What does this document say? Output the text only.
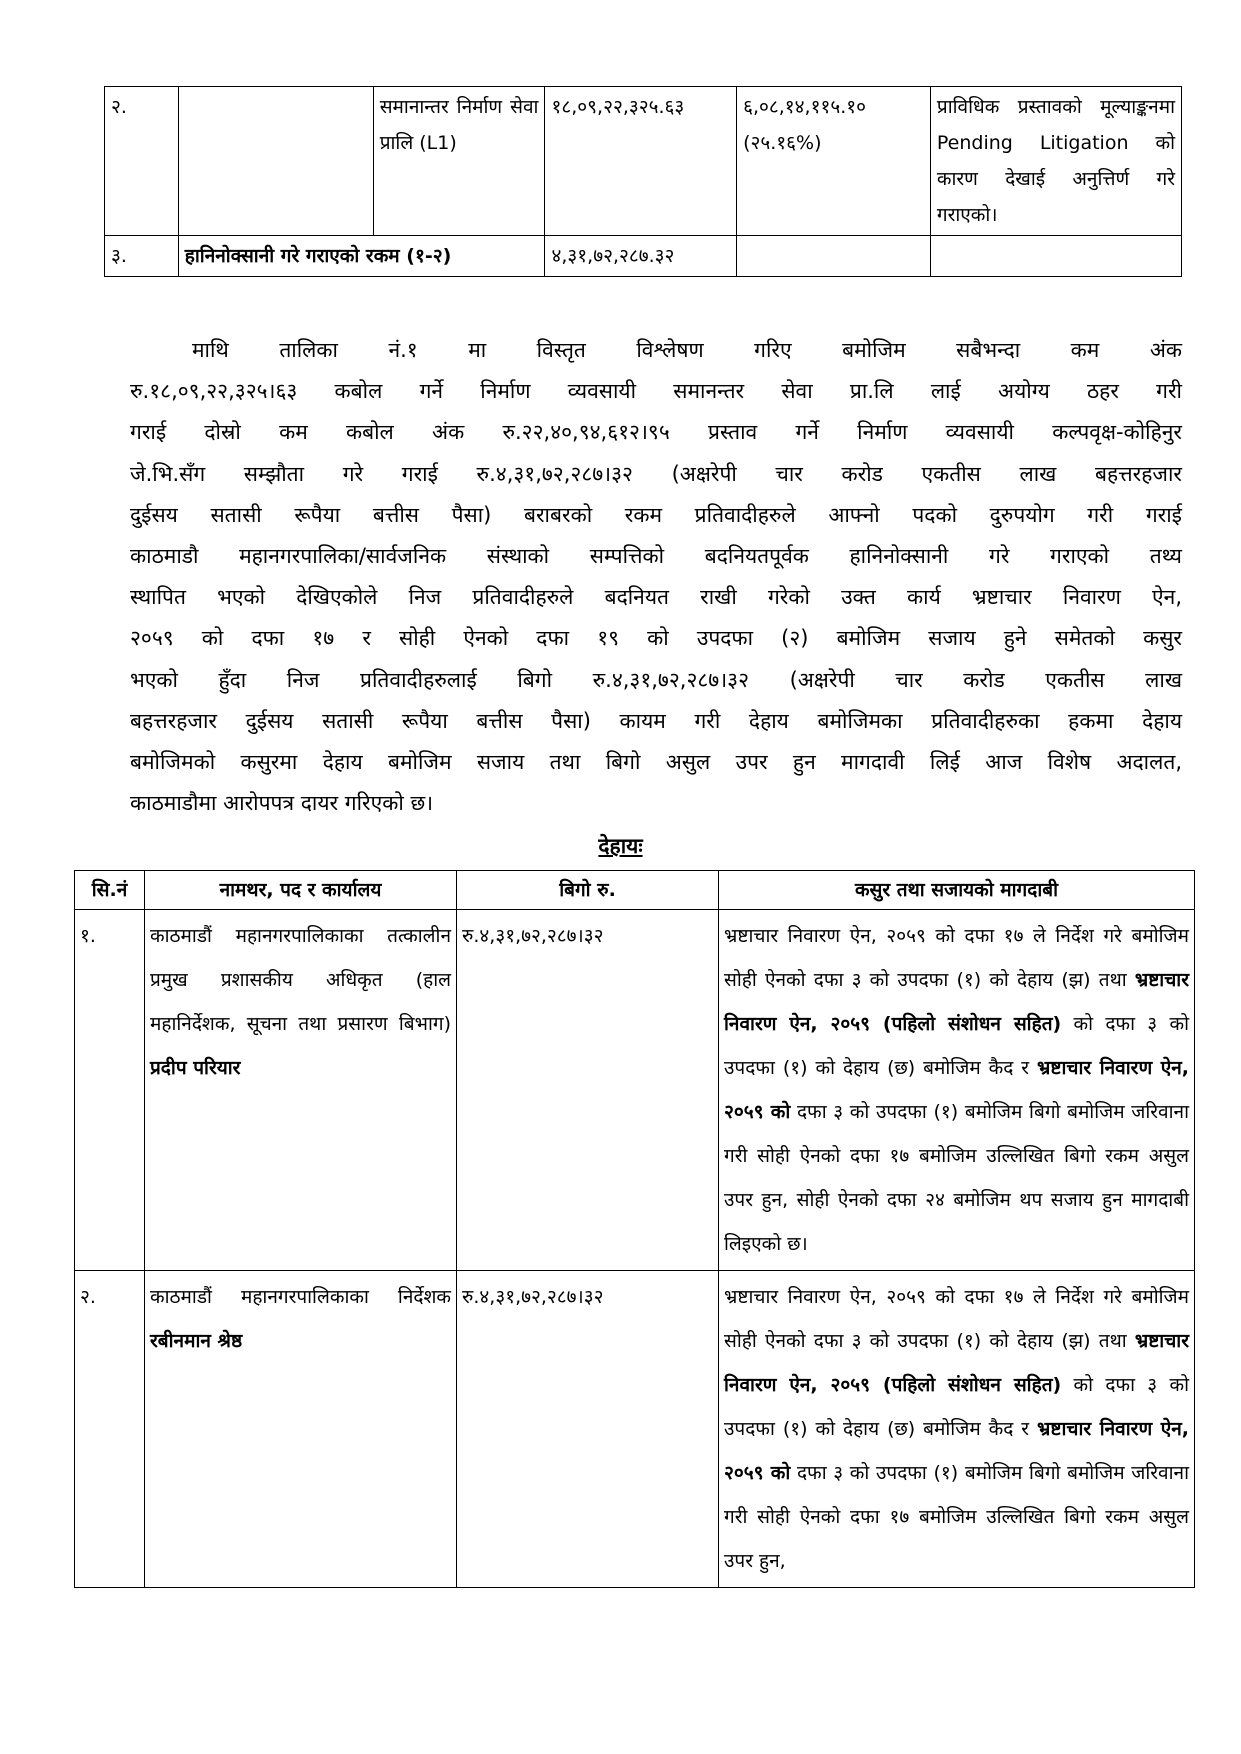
२.		समानान्तर निर्माण सेवा प्रालि (L1)	१८,०९,२२,३२५.६३	६,०८,१४,११५.१० (२५.१६%)	प्राविधिक प्रस्तावको मूल्याङ्कनमा Pending Litigation को कारण देखाई अनुत्तिर्ण गरे गराएको।
३.	हानिनोक्सानी गरे गराएको रकम (१-२)		४,३१,७२,२८७.३२		
माथि तालिका नं.१ मा विस्तृत विश्लेषण गरिए बमोजिम सबैभन्दा कम अंक
रु.१८,०९,२२,३२५।६३ कबोल गर्ने निर्माण व्यवसायी समानन्तर सेवा प्रा.लि लाई अयोग्य ठहर गरी
गराई दोस्रो कम कबोल अंक रु.२२,४०,९४,६१२।९५ प्रस्ताव गर्ने निर्माण व्यवसायी कल्पवृक्ष-कोहिनुर
जे.भि.सँग सम्झौता गरे गराई रु.४,३१,७२,२८७।३२ (अक्षरेपी चार करोड एकतीस लाख बहत्तरहजार
दुईसय सतासी रूपैया बत्तीस पैसा) बराबरको रकम प्रतिवादीहरुले आफ्नो पदको दुरुपयोग गरी गराई
काठमाडौ महानगरपालिका/सार्वजनिक संस्थाको सम्पत्तिको बदनियतपूर्वक हानिनोक्सानी गरे गराएको तथ्य
स्थापित भएको देखिएकोले निज प्रतिवादीहरुले बदनियत राखी गरेको उक्त कार्य भ्रष्टाचार निवारण ऐन,
२०५९ को दफा १७ र सोही ऐनको दफा १९ को उपदफा (२) बमोजिम सजाय हुने समेतको कसुर
भएको हुँदा निज प्रतिवादीहरुलाई बिगो रु.४,३१,७२,२८७।३२ (अक्षरेपी चार करोड एकतीस लाख
बहत्तरहजार दुईसय सतासी रूपैया बत्तीस पैसा) कायम गरी देहाय बमोजिमका प्रतिवादीहरुका हकमा देहाय
बमोजिमको कसुरमा देहाय बमोजिम सजाय तथा बिगो असुल उपर हुन मागदावी लिई आज विशेष अदालत,
काठमाडौमा आरोपपत्र दायर गरिएको छ।
देहायः
सि.नं	नामथर, पद र कार्यालय	बिगो रु.	कसुर तथा सजायको मागदाबी
१.	काठमाडौं महानगरपालिकाका तत्कालीन प्रमुख प्रशासकीय अधिकृत (हाल महानिर्देशक, सूचना तथा प्रसारण बिभाग) प्रदीप परियार	रु.४,३१,७२,२८७।३२	भ्रष्टाचार निवारण ऐन, २०५९ को दफा १७ ले निर्देश गरे बमोजिम सोही ऐनको दफा ३ को उपदफा (१) को देहाय (झ) तथा भ्रष्टाचार निवारण ऐन, २०५९ (पहिलो संशोधन सहित) को दफा ३ को उपदफा (१) को देहाय (छ) बमोजिम कैद र भ्रष्टाचार निवारण ऐन, २०५९ को दफा ३ को उपदफा (१) बमोजिम बिगो बमोजिम जरिवाना गरी सोही ऐनको दफा १७ बमोजिम उल्लिखित बिगो रकम असुल उपर हुन, सोही ऐनको दफा २४ बमोजिम थप सजाय हुन मागदाबी लिइएको छ।
२.	काठमाडौं महानगरपालिकाका निर्देशक रबीनमान श्रेष्ठ	रु.४,३१,७२,२८७।३२	भ्रष्टाचार निवारण ऐन, २०५९ को दफा १७ ले निर्देश गरे बमोजिम सोही ऐनको दफा ३ को उपदफा (१) को देहाय (झ) तथा भ्रष्टाचार निवारण ऐन, २०५९ (पहिलो संशोधन सहित) को दफा ३ को उपदफा (१) को देहाय (छ) बमोजिम कैद र भ्रष्टाचार निवारण ऐन, २०५९ को दफा ३ को उपदफा (१) बमोजिम बिगो बमोजिम जरिवाना गरी सोही ऐनको दफा १७ बमोजिम उल्लिखित बिगो रकम असुल उपर हुन,
